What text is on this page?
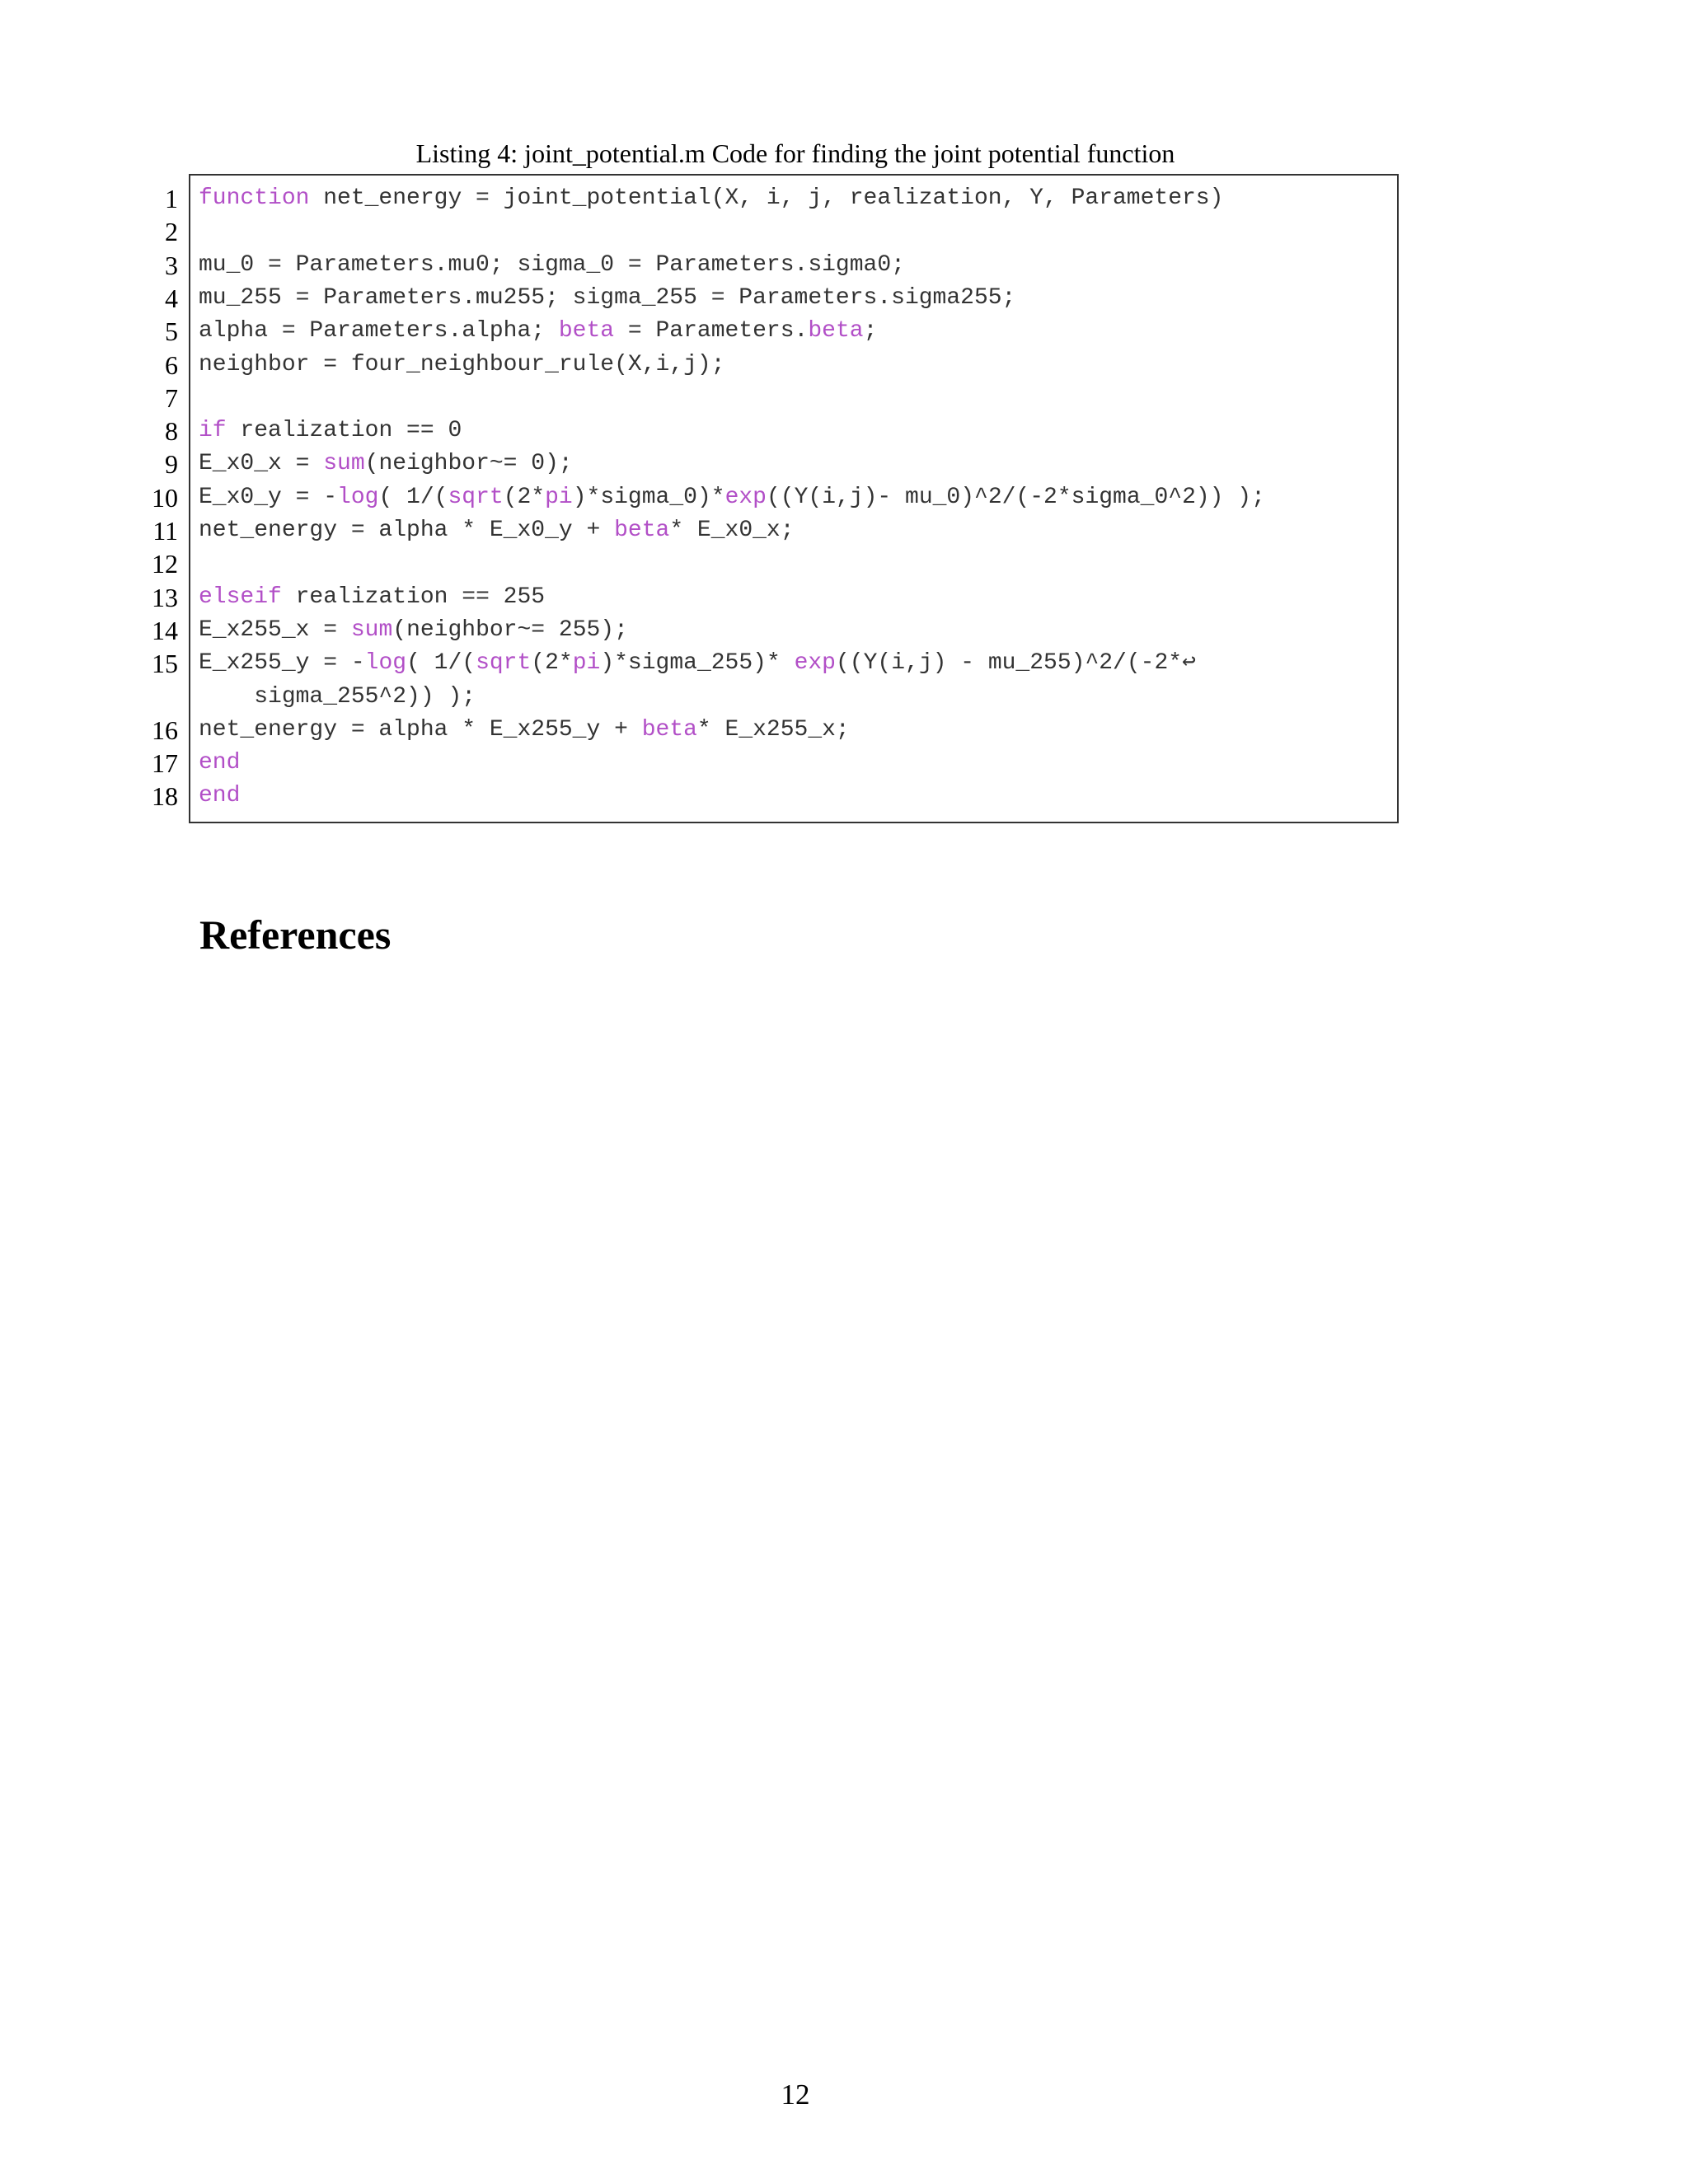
Listing 4: joint_potential.m Code for finding the joint potential function
1
2
3
4
5
6
7
8
9
10
11
12
13
14
15
16
17
18
function net_energy = joint_potential(X, i, j, realization, Y, Parameters)
mu_0 = Parameters.mu0; sigma_0 = Parameters.sigma0;
mu_255 = Parameters.mu255; sigma_255 = Parameters.sigma255;
alpha = Parameters.alpha; beta = Parameters.beta;
neighbor = four_neighbour_rule(X,i,j);
if realization == 0
E_x0_x = sum(neighbor~= 0);
E_x0_y = -log( 1/(sqrt(2*pi)*sigma_0)*exp((Y(i,j)- mu_0)^2/(-2*sigma_0^2)) );
net_energy = alpha * E_x0_y + beta* E_x0_x;
elseif realization == 255
E_x255_x = sum(neighbor~= 255);
E_x255_y = -log( 1/(sqrt(2*pi)*sigma_255)* exp((Y(i,j) - mu_255)^2/(-2*↩
sigma_255^2)) );
net_energy = alpha * E_x255_y + beta* E_x255_x;
end
end
References
12
